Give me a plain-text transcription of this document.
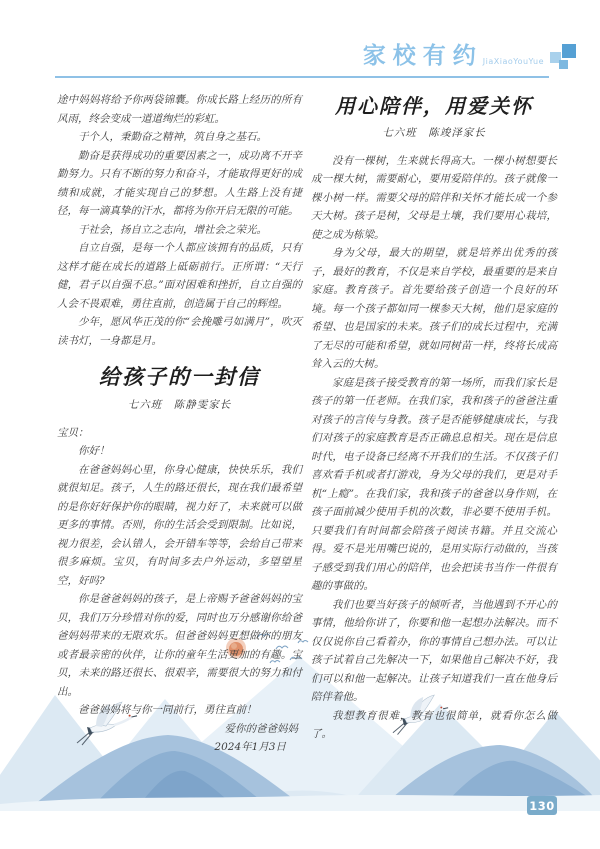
家校有约 JiaXiaoYouYue

途中妈妈将给予你两袋锦囊。你成长路上经历的所有风雨，终会变成一道道绚烂的彩虹。

于个人，秉勤奋之精神，筑自身之基石。

勤奋是获得成功的重要因素之一，成功离不开辛勤努力。只有不断的努力和奋斗，才能取得更好的成绩和成就，才能实现自己的梦想。人生路上没有捷径，每一滴真挚的汗水，都将为你开启无限的可能。

于社会，扬自立之志向，增社会之荣光。

自立自强，是每一个人都应该拥有的品质，只有这样才能在成长的道路上砥砺前行。正所谓：“天行健，君子以自强不息。”面对困难和挫折，自立自强的人会不畏艰难，勇往直前，创造属于自己的辉煌。

少年，愿风华正茂的你“会挽雕弓如满月”，吹灭读书灯，一身都是月。

给孩子的一封信
七六班　陈静雯家长

宝贝：

你好！

在爸爸妈妈心里，你身心健康，快快乐乐，我们就很知足。孩子，人生的路还很长，现在我们最希望的是你好好保护你的眼睛，视力好了，未来就可以做更多的事情。否则，你的生活会受到限制。比如说，视力很差，会认错人，会开错车等等，会给自己带来很多麻烦。宝贝，有时间多去户外运动，多望望星空，好吗?

你是爸爸妈妈的孩子，是上帝赐予爸爸妈妈的宝贝，我们万分珍惜对你的爱，同时也万分感谢你给爸爸妈妈带来的无限欢乐。但爸爸妈妈更想做你的朋友或者最亲密的伙伴，让你的童年生活更加的有趣。宝贝，未来的路还很长、很艰辛，需要很大的努力和付出。

爸爸妈妈将与你一同前行，勇往直前！

爱你的爸爸妈妈

2024年1月3日

用心陪伴，用爱关怀
七六班　陈竣泽家长

没有一棵树，生来就长得高大。一棵小树想要长成一棵大树，需要耐心，要用爱陪伴的。孩子就像一棵小树一样。需要父母的陪伴和关怀才能长成一个参天大树。孩子是树，父母是土壤，我们要用心栽培，使之成为栋梁。

身为父母，最大的期望，就是培养出优秀的孩子，最好的教育，不仅是来自学校，最重要的是来自家庭。教育孩子。首先要给孩子创造一个良好的环境。每一个孩子都如同一棵参天大树，他们是家庭的希望、也是国家的未来。孩子们的成长过程中，充满了无尽的可能和希望，就如同树苗一样，终将长成高耸入云的大树。

家庭是孩子接受教育的第一场所，而我们家长是孩子的第一任老师。在我们家，我和孩子的爸爸注重对孩子的言传与身教。孩子是否能够健康成长，与我们对孩子的家庭教育是否正确息息相关。现在是信息时代，电子设备已经离不开我们的生活。不仅孩子们喜欢看手机或者打游戏，身为父母的我们，更是对手机“上瘾”。在我们家，我和孩子的爸爸以身作则，在孩子面前减少使用手机的次数，非必要不使用手机。只要我们有时间都会陪孩子阅读书籍。并且交流心得。爱不是光用嘴巴说的，是用实际行动做的，当孩子感受到我们用心的陪伴，也会把读书当作一件很有趣的事做的。

我们也要当好孩子的倾听者，当他遇到不开心的事情，他给你讲了，你要和他一起想办法解决。而不仅仅说你自己看着办，你的事情自己想办法。可以让孩子试着自己先解决一下，如果他自己解决不好，我们可以和他一起解决。让孩子知道我们一直在他身后陪伴着他。

我想教育很难，教育也很简单，就看你怎么做了。

130
